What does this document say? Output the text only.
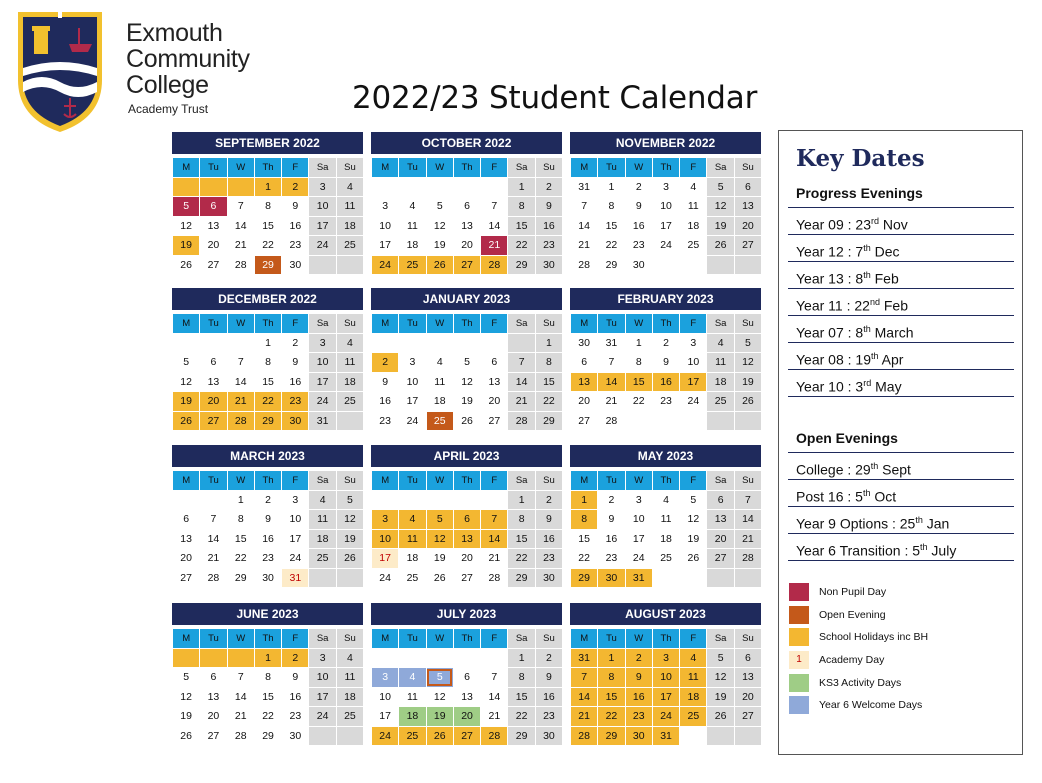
Exmouth
Community
College
Academy Trust	2022/23 Student Calendar
SEPTEMBER 2022
M	Tu	W	Th	F	Sa	Su
			1	2	3	4
5	6	7	8	9	10	11
12	13	14	15	16	17	18
19	20	21	22	23	24	25
26	27	28	29	30		
OCTOBER 2022
M	Tu	W	Th	F	Sa	Su
					1	2
3	4	5	6	7	8	9
10	11	12	13	14	15	16
17	18	19	20	21	22	23
24	25	26	27	28	29	30
NOVEMBER 2022
M	Tu	W	Th	F	Sa	Su
31	1	2	3	4	5	6
7	8	9	10	11	12	13
14	15	16	17	18	19	20
21	22	23	24	25	26	27
28	29	30				
DECEMBER 2022
M	Tu	W	Th	F	Sa	Su
			1	2	3	4
5	6	7	8	9	10	11
12	13	14	15	16	17	18
19	20	21	22	23	24	25
26	27	28	29	30	31	
JANUARY 2023
M	Tu	W	Th	F	Sa	Su
						1
2	3	4	5	6	7	8
9	10	11	12	13	14	15
16	17	18	19	20	21	22
23	24	25	26	27	28	29
FEBRUARY 2023
M	Tu	W	Th	F	Sa	Su
30	31	1	2	3	4	5
6	7	8	9	10	11	12
13	14	15	16	17	18	19
20	21	22	23	24	25	26
27	28					
MARCH 2023
M	Tu	W	Th	F	Sa	Su
		1	2	3	4	5
6	7	8	9	10	11	12
13	14	15	16	17	18	19
20	21	22	23	24	25	26
27	28	29	30	31		
APRIL 2023
M	Tu	W	Th	F	Sa	Su
					1	2
3	4	5	6	7	8	9
10	11	12	13	14	15	16
17	18	19	20	21	22	23
24	25	26	27	28	29	30
MAY 2023
M	Tu	W	Th	F	Sa	Su
1	2	3	4	5	6	7
8	9	10	11	12	13	14
15	16	17	18	19	20	21
22	23	24	25	26	27	28
29	30	31				
JUNE 2023
M	Tu	W	Th	F	Sa	Su
			1	2	3	4
5	6	7	8	9	10	11
12	13	14	15	16	17	18
19	20	21	22	23	24	25
26	27	28	29	30		
JULY 2023
M	Tu	W	Th	F	Sa	Su
					1	2
3	4	5	6	7	8	9
10	11	12	13	14	15	16
17	18	19	20	21	22	23
24	25	26	27	28	29	30
AUGUST 2023
M	Tu	W	Th	F	Sa	Su
31	1	2	3	4	5	6
7	8	9	10	11	12	13
14	15	16	17	18	19	20
21	22	23	24	25	26	27
28	29	30	31			
Key Dates
Progress Evenings
Year 09 : 23rd Nov
Year 12 : 7th Dec
Year 13 : 8th Feb
Year 11 : 22nd Feb
Year 07 : 8th March
Year 08 : 19th Apr
Year 10 : 3rd May
Open Evenings
College : 29th Sept
Post 16 : 5th Oct
Year 9 Options : 25th Jan
Year 6 Transition : 5th July
Non Pupil Day
Open Evening
School Holidays inc BH
1	Academy Day
KS3 Activity Days
Year 6 Welcome Days
